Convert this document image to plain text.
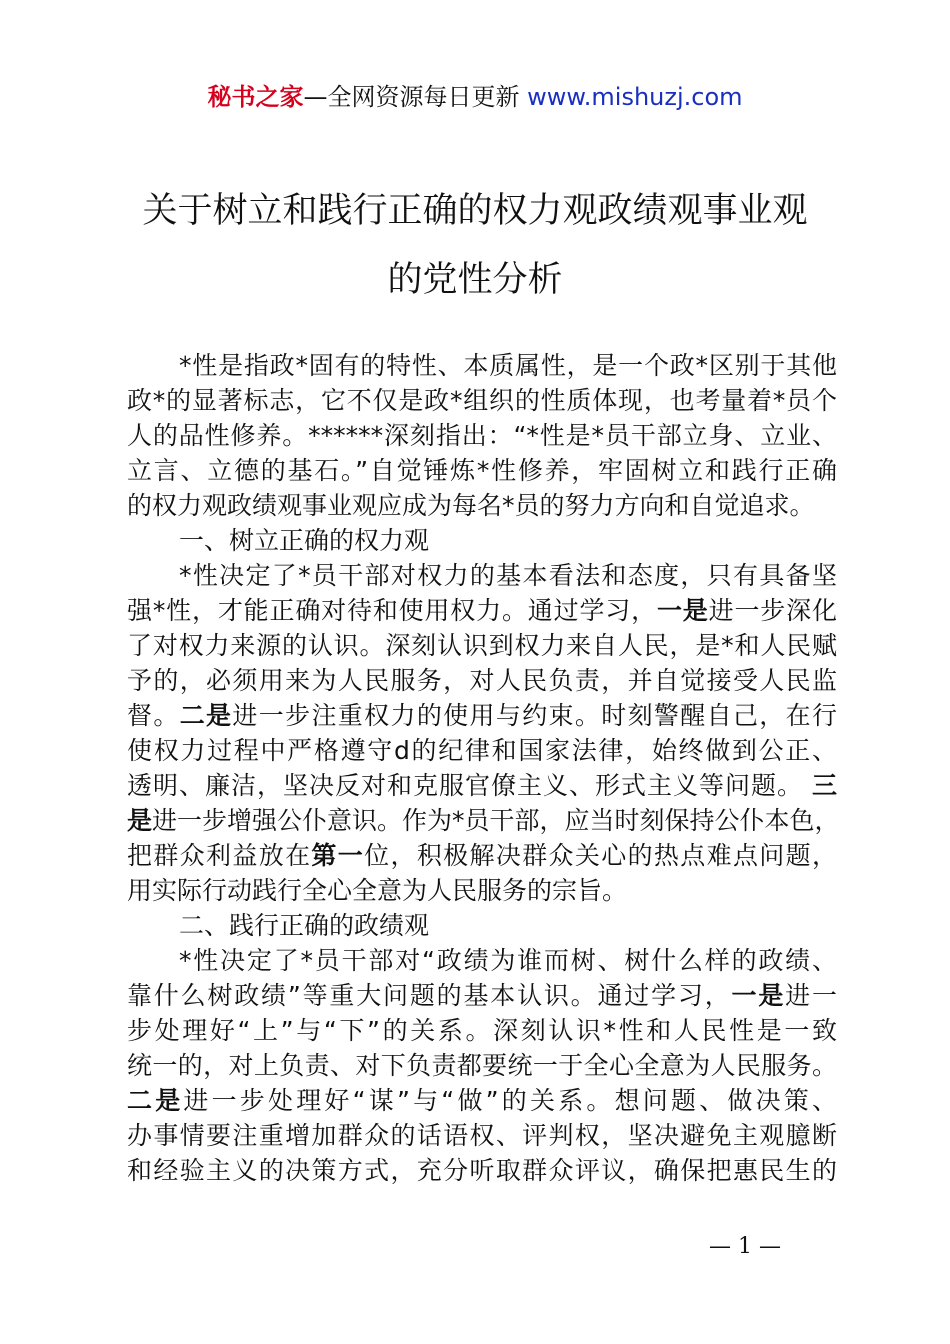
秘书之家—全网资源每日更新 www.mishuzj.com
关于树立和践行正确的权力观政绩观事业观
的党性分析
*性是指政*固有的特性、本质属性，是一个政*区别于其他
政*的显著标志，它不仅是政*组织的性质体现，也考量着*员个
人的品性修养。******深刻指出：“*性是*员干部立身、立业、
立言、立德的基石。”自觉锤炼*性修养，牢固树立和践行正确
的权力观政绩观事业观应成为每名*员的努力方向和自觉追求。
一、树立正确的权力观
*性决定了*员干部对权力的基本看法和态度，只有具备坚
强*性，才能正确对待和使用权力。通过学习，一是进一步深化
了对权力来源的认识。深刻认识到权力来自人民，是*和人民赋
予的，必须用来为人民服务，对人民负责，并自觉接受人民监
督。二是进一步注重权力的使用与约束。时刻警醒自己，在行
使权力过程中严格遵守d的纪律和国家法律，始终做到公正、
透明、廉洁，坚决反对和克服官僚主义、形式主义等问题。 三
是进一步增强公仆意识。作为*员干部，应当时刻保持公仆本色，
把群众利益放在第一位，积极解决群众关心的热点难点问题，
用实际行动践行全心全意为人民服务的宗旨。
二、践行正确的政绩观
*性决定了*员干部对“政绩为谁而树、树什么样的政绩、
靠什么树政绩”等重大问题的基本认识。通过学习，一是进一
步处理好“上”与“下”的关系。深刻认识*性和人民性是一致
统一的，对上负责、对下负责都要统一于全心全意为人民服务。
二是进一步处理好“谋”与“做”的关系。想问题、做决策、
办事情要注重增加群众的话语权、评判权，坚决避免主观臆断
和经验主义的决策方式，充分听取群众评议，确保把惠民生的
— 1 —
